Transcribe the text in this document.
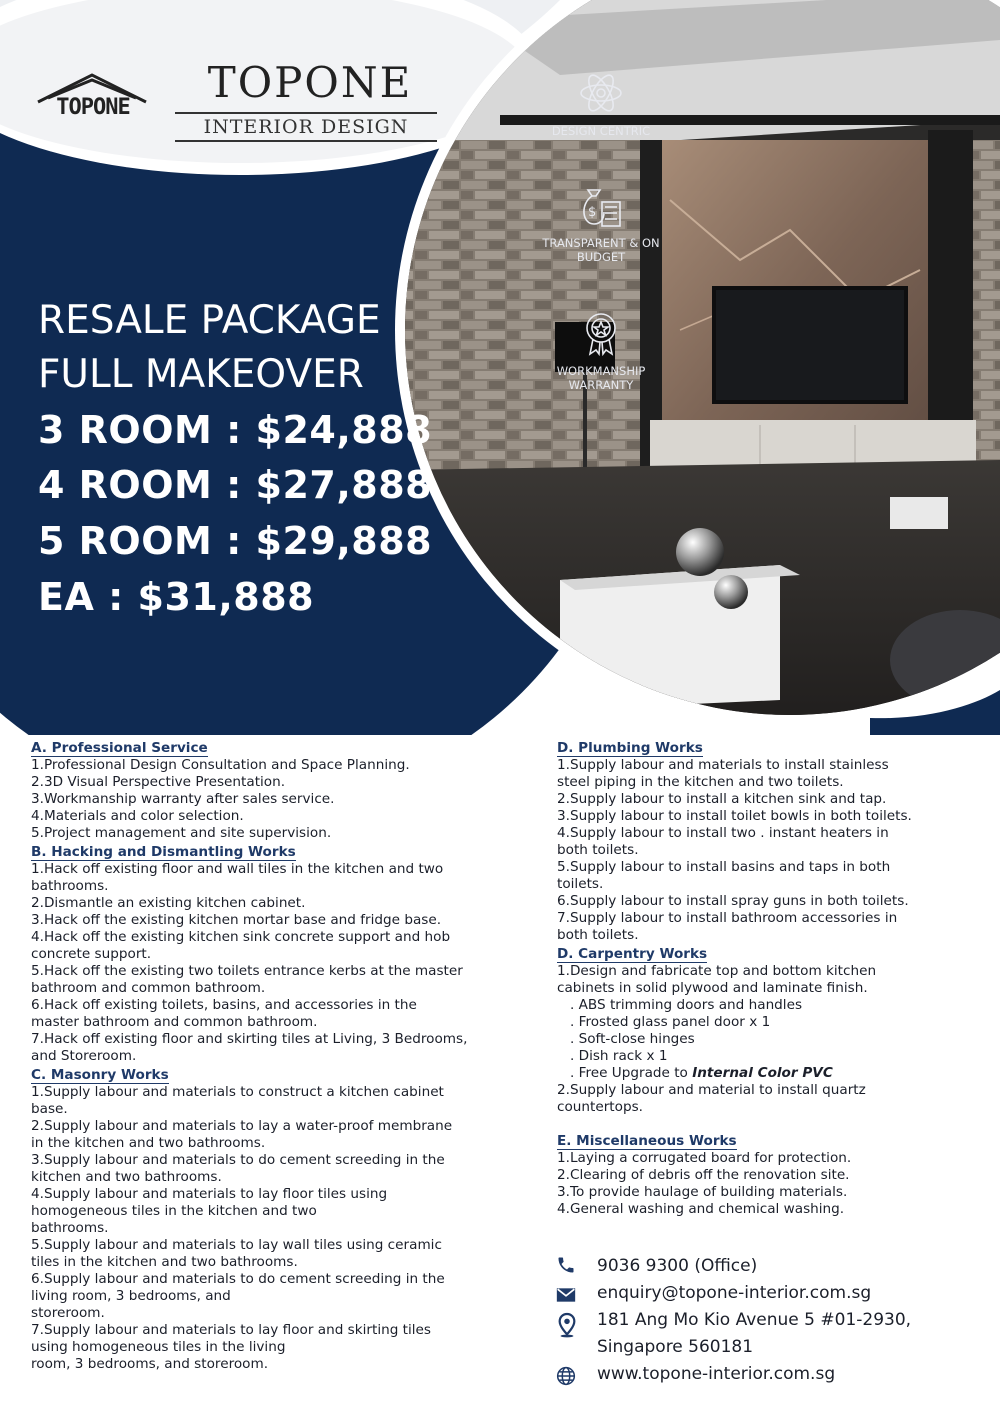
TOPONE
TOPONE
INTERIOR DESIGN
RESALE PACKAGE
FULL MAKEOVER
3 ROOM : $24,888
4 ROOM : $27,888
5 ROOM : $29,888
EA : $31,888
DESIGN CENTRIC
$
TRANSPARENT & ON BUDGET
WORKMANSHIP WARRANTY
A. Professional Service
1.Professional Design Consultation and Space Planning.
2.3D Visual Perspective Presentation.
3.Workmanship warranty after sales service.
4.Materials and color selection.
5.Project management and site supervision.
B. Hacking and Dismantling Works
1.Hack off existing floor and wall tiles in the kitchen and two
bathrooms.
2.Dismantle an existing kitchen cabinet.
3.Hack off the existing kitchen mortar base and fridge base.
4.Hack off the existing kitchen sink concrete support and hob
concrete support.
5.Hack off the existing two toilets entrance kerbs at the master
bathroom and common bathroom.
6.Hack off existing toilets, basins, and accessories in the
master bathroom and common bathroom.
7.Hack off existing floor and skirting tiles at Living, 3 Bedrooms,
and Storeroom.
C. Masonry Works
1.Supply labour and materials to construct a kitchen cabinet
base.
2.Supply labour and materials to lay a water-proof membrane
in the kitchen and two bathrooms.
3.Supply labour and materials to do cement screeding in the
kitchen and two bathrooms.
4.Supply labour and materials to lay floor tiles using
homogeneous tiles in the kitchen and two
bathrooms.
5.Supply labour and materials to lay wall tiles using ceramic
tiles in the kitchen and two bathrooms.
6.Supply labour and materials to do cement screeding in the
living room, 3 bedrooms, and
storeroom.
7.Supply labour and materials to lay floor and skirting tiles
using homogeneous tiles in the living
room, 3 bedrooms, and storeroom.
D. Plumbing Works
1.Supply labour and materials to install stainless
steel piping in the kitchen and two toilets.
2.Supply labour to install a kitchen sink and tap.
3.Supply labour to install toilet bowls in both toilets.
4.Supply labour to install two . instant heaters in
both toilets.
5.Supply labour to install basins and taps in both
toilets.
6.Supply labour to install spray guns in both toilets.
7.Supply labour to install bathroom accessories in
both toilets.
D. Carpentry Works
1.Design and fabricate top and bottom kitchen
cabinets in solid plywood and laminate finish.
. ABS trimming doors and handles
. Frosted glass panel door x 1
. Soft-close hinges
. Dish rack x 1
. Free Upgrade to Internal Color PVC
2.Supply labour and material to install quartz
countertops.
E. Miscellaneous Works
1.Laying a corrugated board for protection.
2.Clearing of debris off the renovation site.
3.To provide haulage of building materials.
4.General washing and chemical washing.
9036 9300 (Office)
enquiry@topone-interior.com.sg
181 Ang Mo Kio Avenue 5 #01-2930,
Singapore 560181
www.topone-interior.com.sg
